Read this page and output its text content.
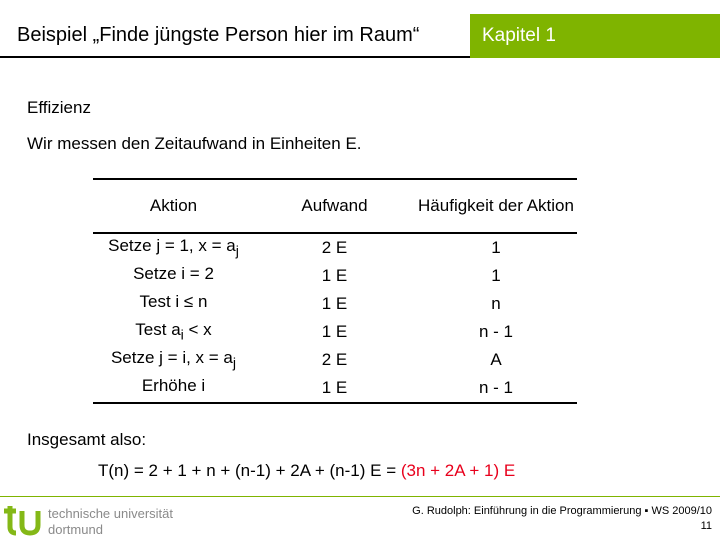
Beispiel „Finde jüngste Person hier im Raum“	Kapitel 1
Effizienz
Wir messen den Zeitaufwand in Einheiten E.
Aktion	Aufwand	Häufigkeit der Aktion
Setze j = 1, $x = a_j$	2 E	1
Setze i = 2	1 E	1
Test i ≤ n	1 E	n
Test $a_i < x$	1 E	n - 1
Setze j = i, $x = a_j$	2 E	A
Erhöhe i	1 E	n - 1
Insgesamt also:
T(n) = 2 + 1 + n + (n-1) + 2A + (n-1) E = (3n + 2A + 1) E
technische universität
dortmund
G. Rudolph: Einführung in die Programmierung ▪ WS 2009/10
11
